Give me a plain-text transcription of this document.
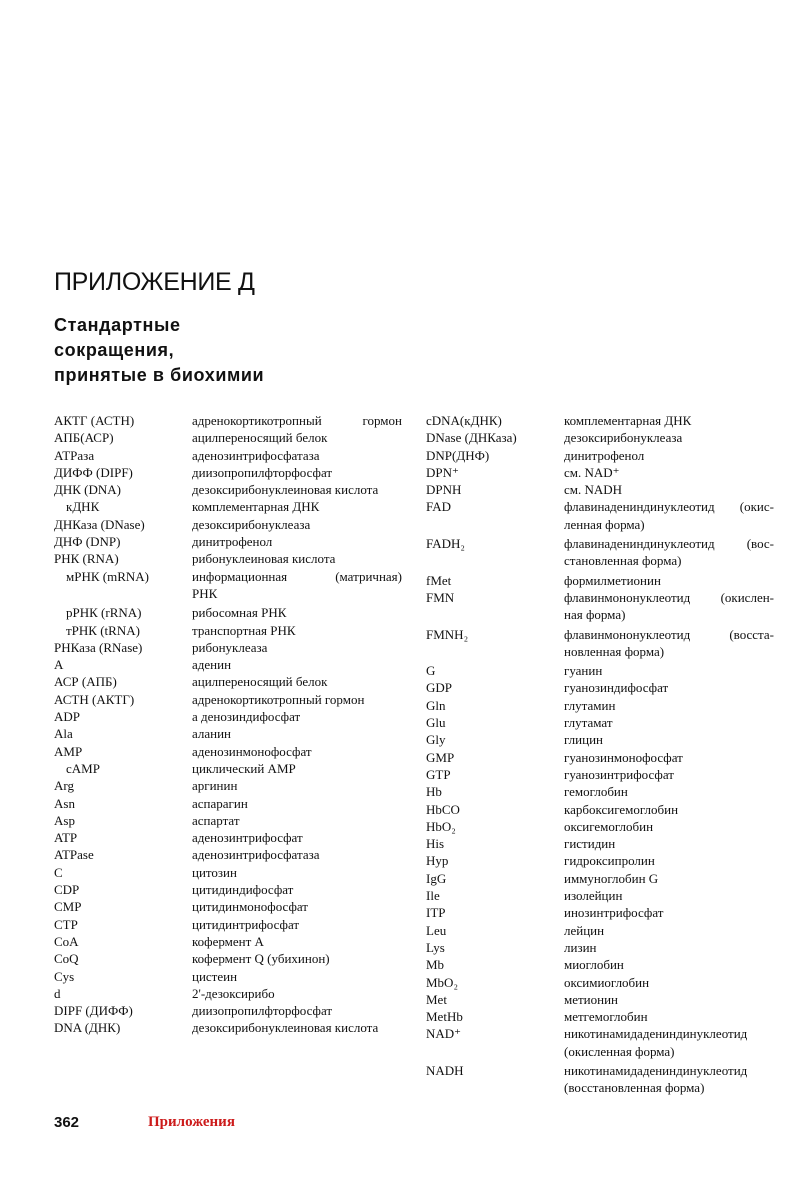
ПРИЛОЖЕНИЕ Д
Стандартные
сокращения,
принятые в биохимии
АКТГ (АСТН)	адренокортикотропный гормон
АПБ(АСР)	ацилпереносящий белок
АТРаза	аденозинтрифосфатаза
ДИФФ (DIPF)	диизопропилфторфосфат
ДНК (DNA)	дезоксирибонуклеиновая кислота
кДНК	комплементарная ДНК
ДНКаза (DNase)	дезоксирибонуклеаза
ДНФ (DNP)	динитрофенол
РНК (RNA)	рибонуклеиновая кислота
мРНК (mRNA)	информационная (матричная)
РНК
рРНК (rRNA)	рибосомная РНК
тРНК (tRNA)	транспортная РНК
РНКаза (RNase)	рибонуклеаза
A	аденин
АСР (АПБ)	ацилпереносящий белок
АСТН (АКТГ)	адренокортикотропный гормон
ADP	а денозиндифосфат
Ala	аланин
AMP	аденозинмонофосфат
cAMP	циклический АМР
Arg	аргинин
Asn	аспарагин
Asp	аспартат
ATP	аденозинтрифосфат
ATPase	аденозинтрифосфатаза
С	цитозин
CDP	цитидиндифосфат
CMP	цитидинмонофосфат
CTP	цитидинтрифосфат
CoA	кофермент А
CoQ	кофермент Q (убихинон)
Cys	цистеин
d	2'-дезоксирибо
DIPF (ДИФФ)	диизопропилфторфосфат
DNA (ДНК)	дезоксирибонуклеиновая кислота
cDNA(кДНК)	комплементарная ДНК
DNase (ДНКаза)	дезоксирибонуклеаза
DNP(ДНФ)	динитрофенол
DPN⁺	см. NAD⁺
DPNH	см. NADH
FAD	флавинадениндинуклеотид (окис-
ленная форма)
FADH₂	флавинадениндинуклеотид (вос-
становленная форма)
fMet	формилметионин
FMN	флавинмононуклеотид (окислен-
ная форма)
FMNH₂	флавинмононуклеотид (восста-
новленная форма)
G	гуанин
GDP	гуанозиндифосфат
Gln	глутамин
Glu	глутамат
Gly	глицин
GMP	гуанозинмонофосфат
GTP	гуанозинтрифосфат
Hb	гемоглобин
HbCO	карбоксигемоглобин
HbO₂	оксигемоглобин
His	гистидин
Hyp	гидроксипролин
IgG	иммуноглобин G
Ile	изолейцин
ITP	инозинтрифосфат
Leu	лейцин
Lys	лизин
Mb	миоглобин
MbO₂	оксимиоглобин
Met	метионин
MetHb	метгемоглобин
NAD⁺	никотинамидадениндинуклеотид
(окисленная форма)
NADH	никотинамидадениндинуклеотид
(восстановленная форма)
362	Приложения
